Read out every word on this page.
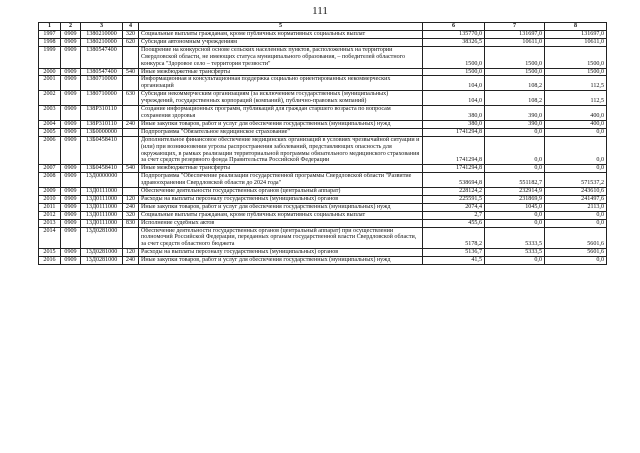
111
1	2	3	4	5	6	7	8
1997	0909	1380210000	320	Социальные выплаты гражданам, кроме публичных нормативных социальных выплат	135770,0	131697,0	131697,0
1998	0909	1380210000	620	Субсидии автономным учреждениям	38326,5	10611,0	10611,0
1999	0909	1380547400		Поощрение на конкурсной основе сельских населенных пунктов, расположенных на территории Свердловской области, не имеющих статуса муниципального образования, – победителей областного конкурса "Здоровое село – территория трезвости"	1500,0	1500,0	1500,0
2000	0909	1380547400	540	Иные межбюджетные трансферты	1500,0	1500,0	1500,0
2001	0909	1380710000		Информационная и консультационная поддержка социально ориентированных некоммерческих организаций	104,0	108,2	112,5
2002	0909	1380710000	630	Субсидии некоммерческим организациям (за исключением государственных (муниципальных) учреждений, государственных корпораций (компаний), публично-правовых компаний)	104,0	108,2	112,5
2003	0909	138Р310110		Создание информационных программ, публикаций для граждан старшего возраста по вопросам сохранения здоровья	380,0	390,0	400,0
2004	0909	138Р310110	240	Иные закупки товаров, работ и услуг для обеспечения государственных (муниципальных) нужд	380,0	390,0	400,0
2005	0909	13Б0000000		Подпрограмма "Обязательное медицинское страхование"	1741294,8	0,0	0,0
2006	0909	13Б0458410		Дополнительное финансовое обеспечение медицинских организаций в условиях чрезвычайной ситуации и (или) при возникновении угрозы распространения заболеваний, представляющих опасность для окружающих, в рамках реализации территориальной программы обязательного медицинского страхования за счет средств резервного фонда Правительства Российской Федерации	1741294,8	0,0	0,0
2007	0909	13Б0458410	540	Иные межбюджетные трансферты	1741294,8	0,0	0,0
2008	0909	13Д0000000		Подпрограмма "Обеспечение реализации государственной программы Свердловской области "Развитие здравоохранения Свердловской области до 2024 года"	538694,8	551182,7	571537,2
2009	0909	13Д0111000		Обеспечение деятельности государственных органов (центральный аппарат)	228124,2	232914,9	243610,6
2010	0909	13Д0111000	120	Расходы на выплаты персоналу государственных (муниципальных) органов	225591,5	231869,9	241497,6
2011	0909	13Д0111000	240	Иные закупки товаров, работ и услуг для обеспечения государственных (муниципальных) нужд	2074,4	1045,0	2113,0
2012	0909	13Д0111000	320	Социальные выплаты гражданам, кроме публичных нормативных социальных выплат	2,7	0,0	0,0
2013	0909	13Д0111000	830	Исполнение судебных актов	455,6	0,0	0,0
2014	0909	13Д0281000		Обеспечение деятельности государственных органов (центральный аппарат) при осуществлении полномочий Российской Федерации, переданных органам государственной власти Свердловской области, за счет средств областного бюджета	5178,2	5333,5	5601,6
2015	0909	13Д0281000	120	Расходы на выплаты персоналу государственных (муниципальных) органов	5136,7	5333,5	5601,6
2016	0909	13Д0281000	240	Иные закупки товаров, работ и услуг для обеспечения государственных (муниципальных) нужд	41,5	0,0	0,0
